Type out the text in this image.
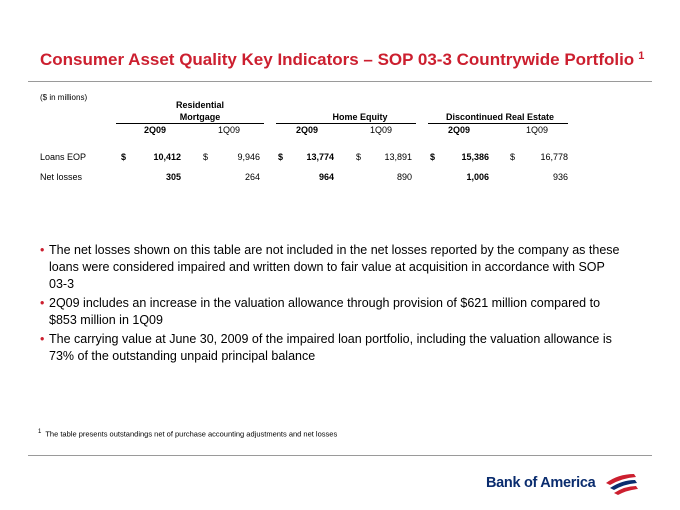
Consumer Asset Quality Key Indicators – SOP 03-3 Countrywide Portfolio $^1$
($ in millions)
Residential
Mortgage	Home Equity	Discontinued Real Estate
2Q09	1Q09	2Q09	1Q09	2Q09	1Q09
Loans EOP	$	10,412 $	9,946 $	13,774 $	13,891 $	15,386 $	16,778
Net losses	305	264	964	890	1,006	936
• The net losses shown on this table are not included in the net losses reported by the company as these loans were considered impaired and written down to fair value at acquisition in accordance with SOP 03-3
• 2Q09 includes an increase in the valuation allowance through provision of $621 million compared to $853 million in 1Q09
• The carrying value at June 30, 2009 of the impaired loan portfolio, including the valuation allowance is 73% of the outstanding unpaid principal balance
$^1$ The table presents outstandings net of purchase accounting adjustments and net losses
Bank of America
